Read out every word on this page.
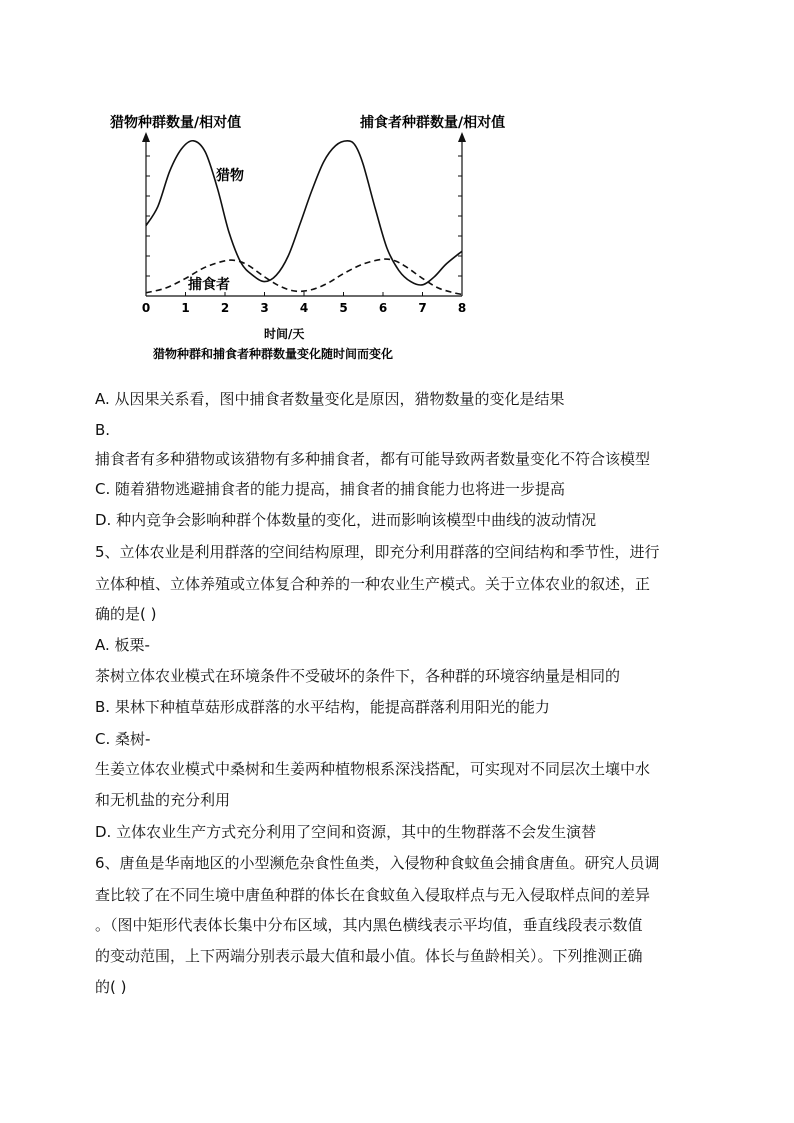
猎物种群数量/相对值	捕食者种群数量/相对值
0	1	2	3	4	5	6	7	8
猎物
捕食者
时间/天
猎物种群和捕食者种群数量变化随时间而变化
A. 从因果关系看，图中捕食者数量变化是原因，猎物数量的变化是结果
B.
捕食者有多种猎物或该猎物有多种捕食者，都有可能导致两者数量变化不符合该模型
C. 随着猎物逃避捕食者的能力提高，捕食者的捕食能力也将进一步提高
D. 种内竞争会影响种群个体数量的变化，进而影响该模型中曲线的波动情况
5、立体农业是利用群落的空间结构原理，即充分利用群落的空间结构和季节性，进行
立体种植、立体养殖或立体复合种养的一种农业生产模式。关于立体农业的叙述，正
确的是( )
A. 板栗-
茶树立体农业模式在环境条件不受破坏的条件下，各种群的环境容纳量是相同的
B. 果林下种植草菇形成群落的水平结构，能提高群落利用阳光的能力
C. 桑树-
生姜立体农业模式中桑树和生姜两种植物根系深浅搭配，可实现对不同层次土壤中水
和无机盐的充分利用
D. 立体农业生产方式充分利用了空间和资源，其中的生物群落不会发生演替
6、唐鱼是华南地区的小型濒危杂食性鱼类，入侵物种食蚊鱼会捕食唐鱼。研究人员调
查比较了在不同生境中唐鱼种群的体长在食蚊鱼入侵取样点与无入侵取样点间的差异
。（图中矩形代表体长集中分布区域，其内黑色横线表示平均值，垂直线段表示数值
的变动范围，上下两端分别表示最大值和最小值。体长与鱼龄相关）。下列推测正确
的( )
